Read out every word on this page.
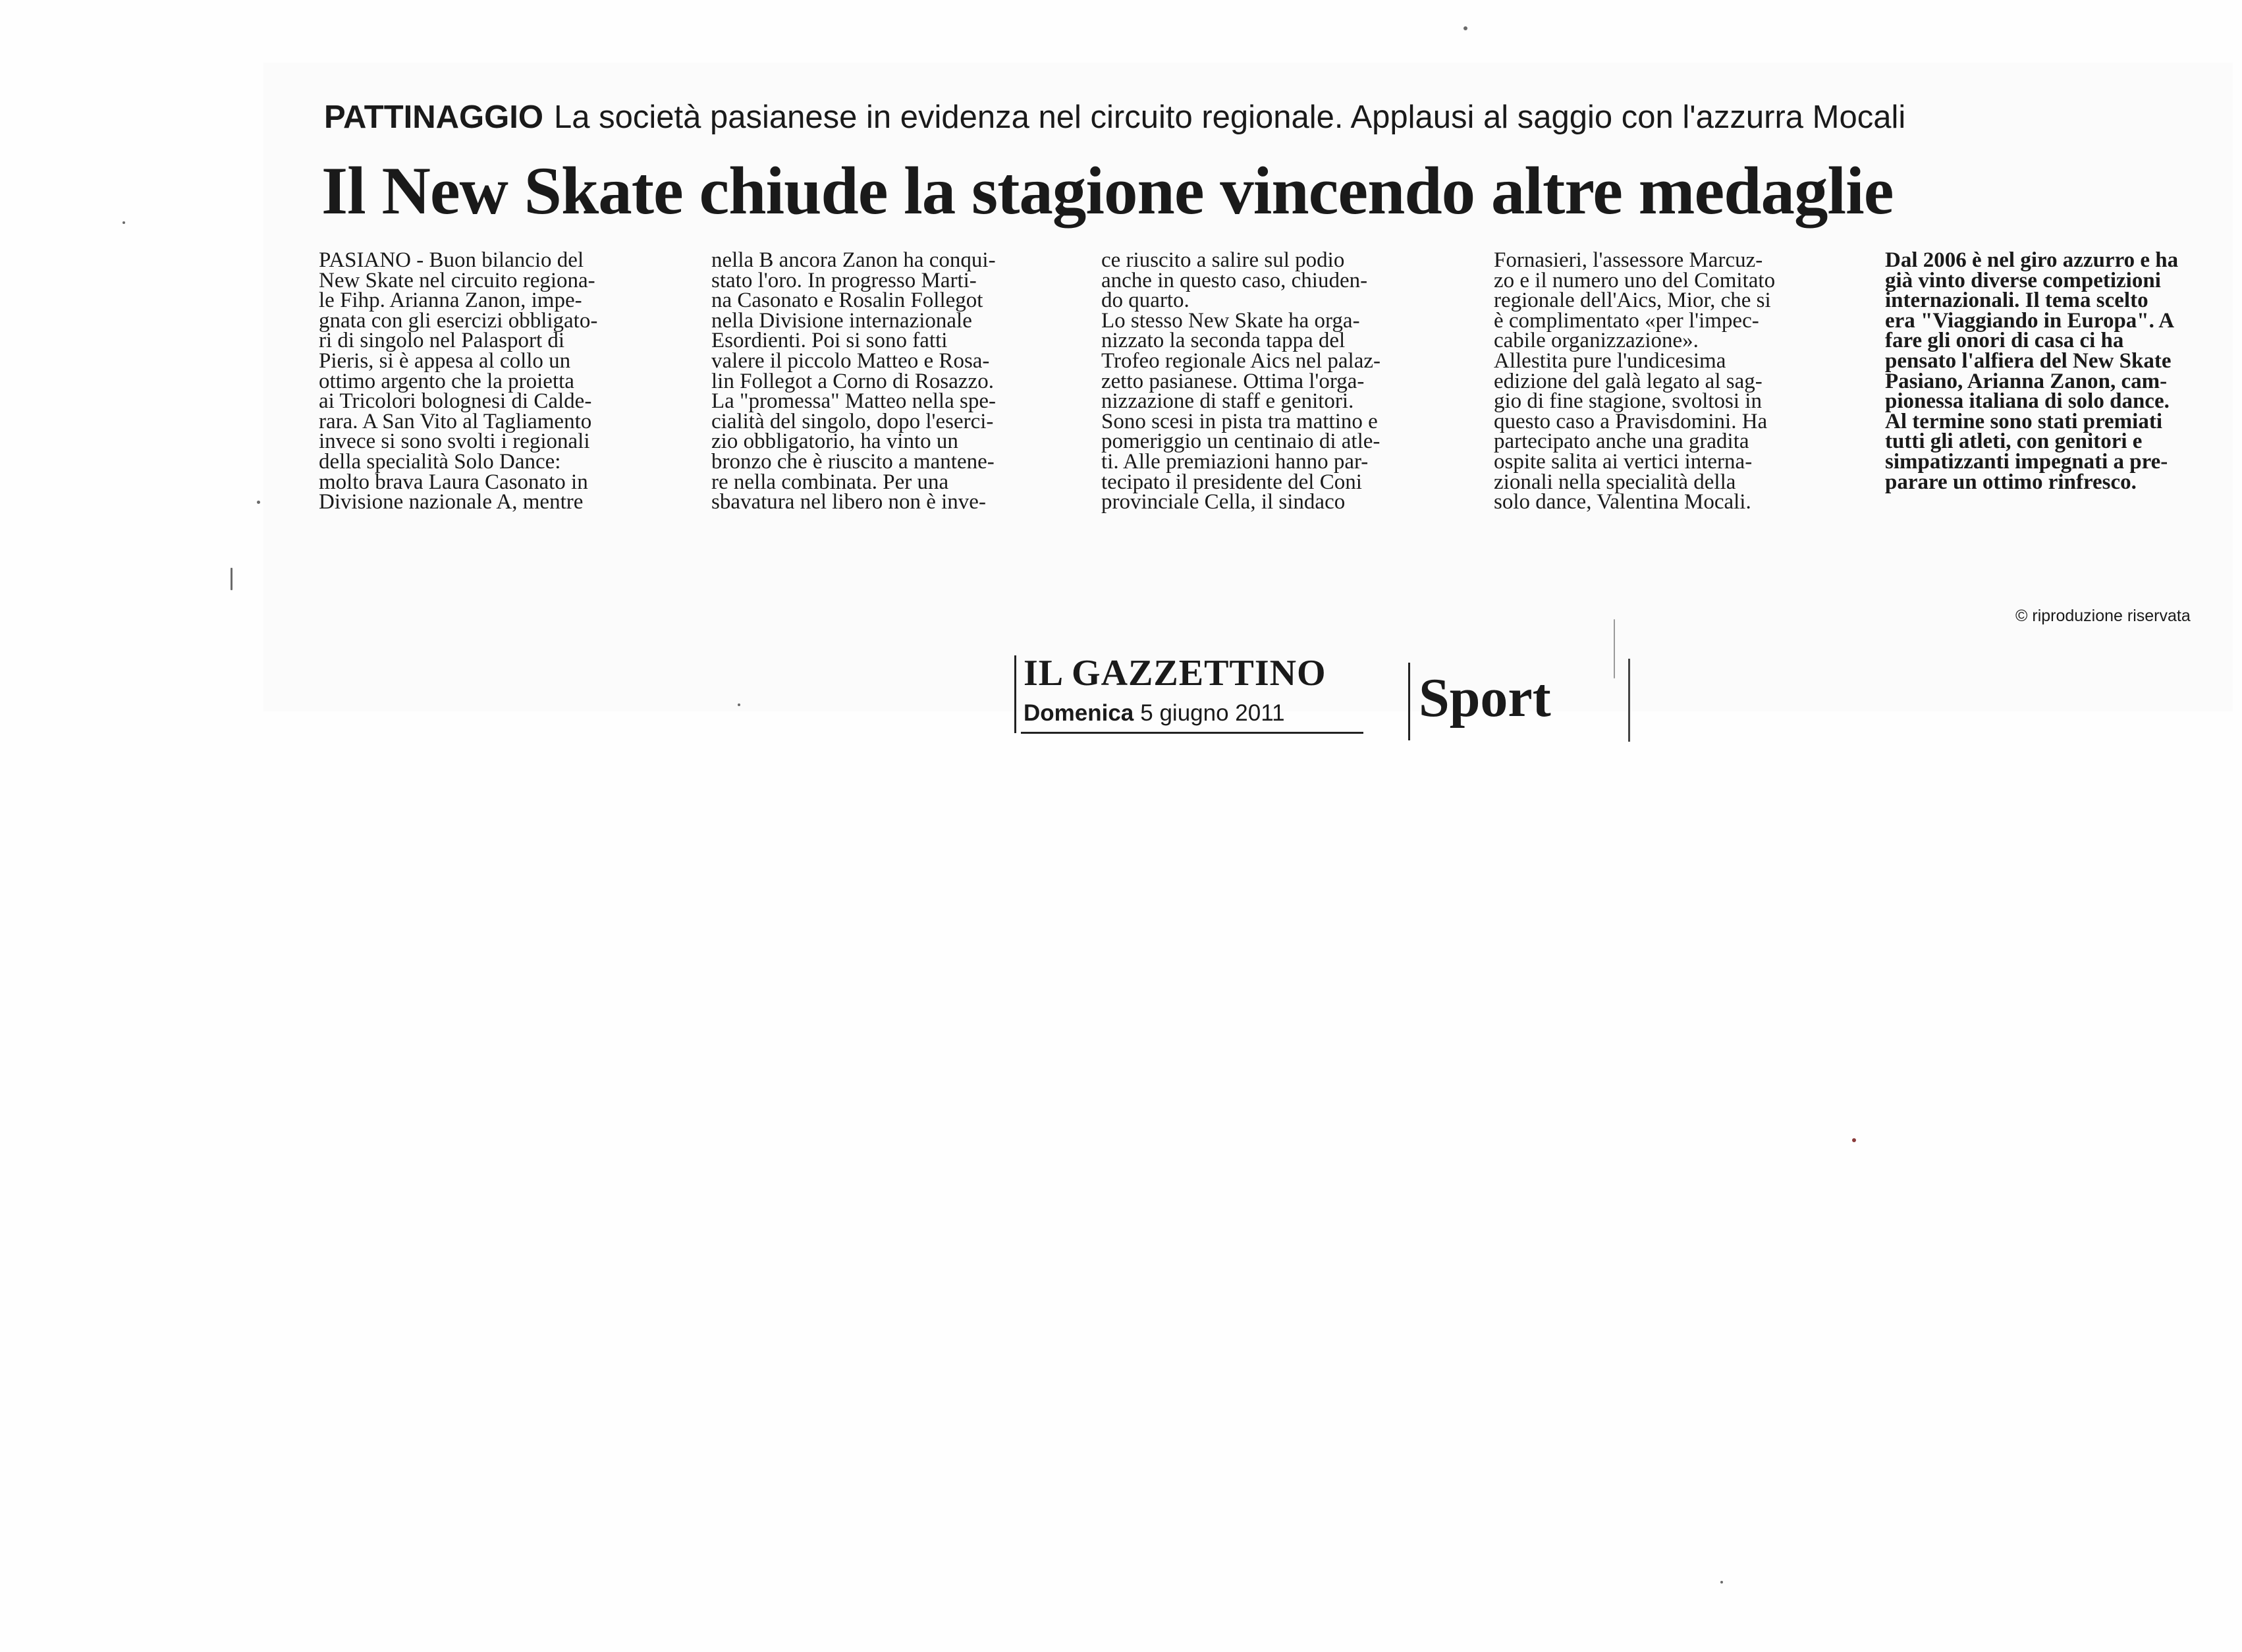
PATTINAGGIO La società pasianese in evidenza nel circuito regionale. Applausi al saggio con l'azzurra Mocali
Il New Skate chiude la stagione vincendo altre medaglie
PASIANO - Buon bilancio del
New Skate nel circuito regiona-
le Fihp. Arianna Zanon, impe-
gnata con gli esercizi obbligato-
ri di singolo nel Palasport di
Pieris, si è appesa al collo un
ottimo argento che la proietta
ai Tricolori bolognesi di Calde-
rara. A San Vito al Tagliamento
invece si sono svolti i regionali
della specialità Solo Dance:
molto brava Laura Casonato in
Divisione nazionale A, mentre
nella B ancora Zanon ha conqui-
stato l'oro. In progresso Marti-
na Casonato e Rosalin Follegot
nella Divisione internazionale
Esordienti. Poi si sono fatti
valere il piccolo Matteo e Rosa-
lin Follegot a Corno di Rosazzo.
La "promessa" Matteo nella spe-
cialità del singolo, dopo l'eserci-
zio obbligatorio, ha vinto un
bronzo che è riuscito a mantene-
re nella combinata. Per una
sbavatura nel libero non è inve-
ce riuscito a salire sul podio
anche in questo caso, chiuden-
do quarto.
Lo stesso New Skate ha orga-
nizzato la seconda tappa del
Trofeo regionale Aics nel palaz-
zetto pasianese. Ottima l'orga-
nizzazione di staff e genitori.
Sono scesi in pista tra mattino e
pomeriggio un centinaio di atle-
ti. Alle premiazioni hanno par-
tecipato il presidente del Coni
provinciale Cella, il sindaco
Fornasieri, l'assessore Marcuz-
zo e il numero uno del Comitato
regionale dell'Aics, Mior, che si
è complimentato «per l'impec-
cabile organizzazione».
Allestita pure l'undicesima
edizione del galà legato al sag-
gio di fine stagione, svoltosi in
questo caso a Pravisdomini. Ha
partecipato anche una gradita
ospite salita ai vertici interna-
zionali nella specialità della
solo dance, Valentina Mocali.
Dal 2006 è nel giro azzurro e ha
già vinto diverse competizioni
internazionali. Il tema scelto
era "Viaggiando in Europa". A
fare gli onori di casa ci ha
pensato l'alfiera del New Skate
Pasiano, Arianna Zanon, cam-
pionessa italiana di solo dance.
Al termine sono stati premiati
tutti gli atleti, con genitori e
simpatizzanti impegnati a pre-
parare un ottimo rinfresco.
© riproduzione riservata
IL GAZZETTINO
Domenica 5 giugno 2011 Sport
